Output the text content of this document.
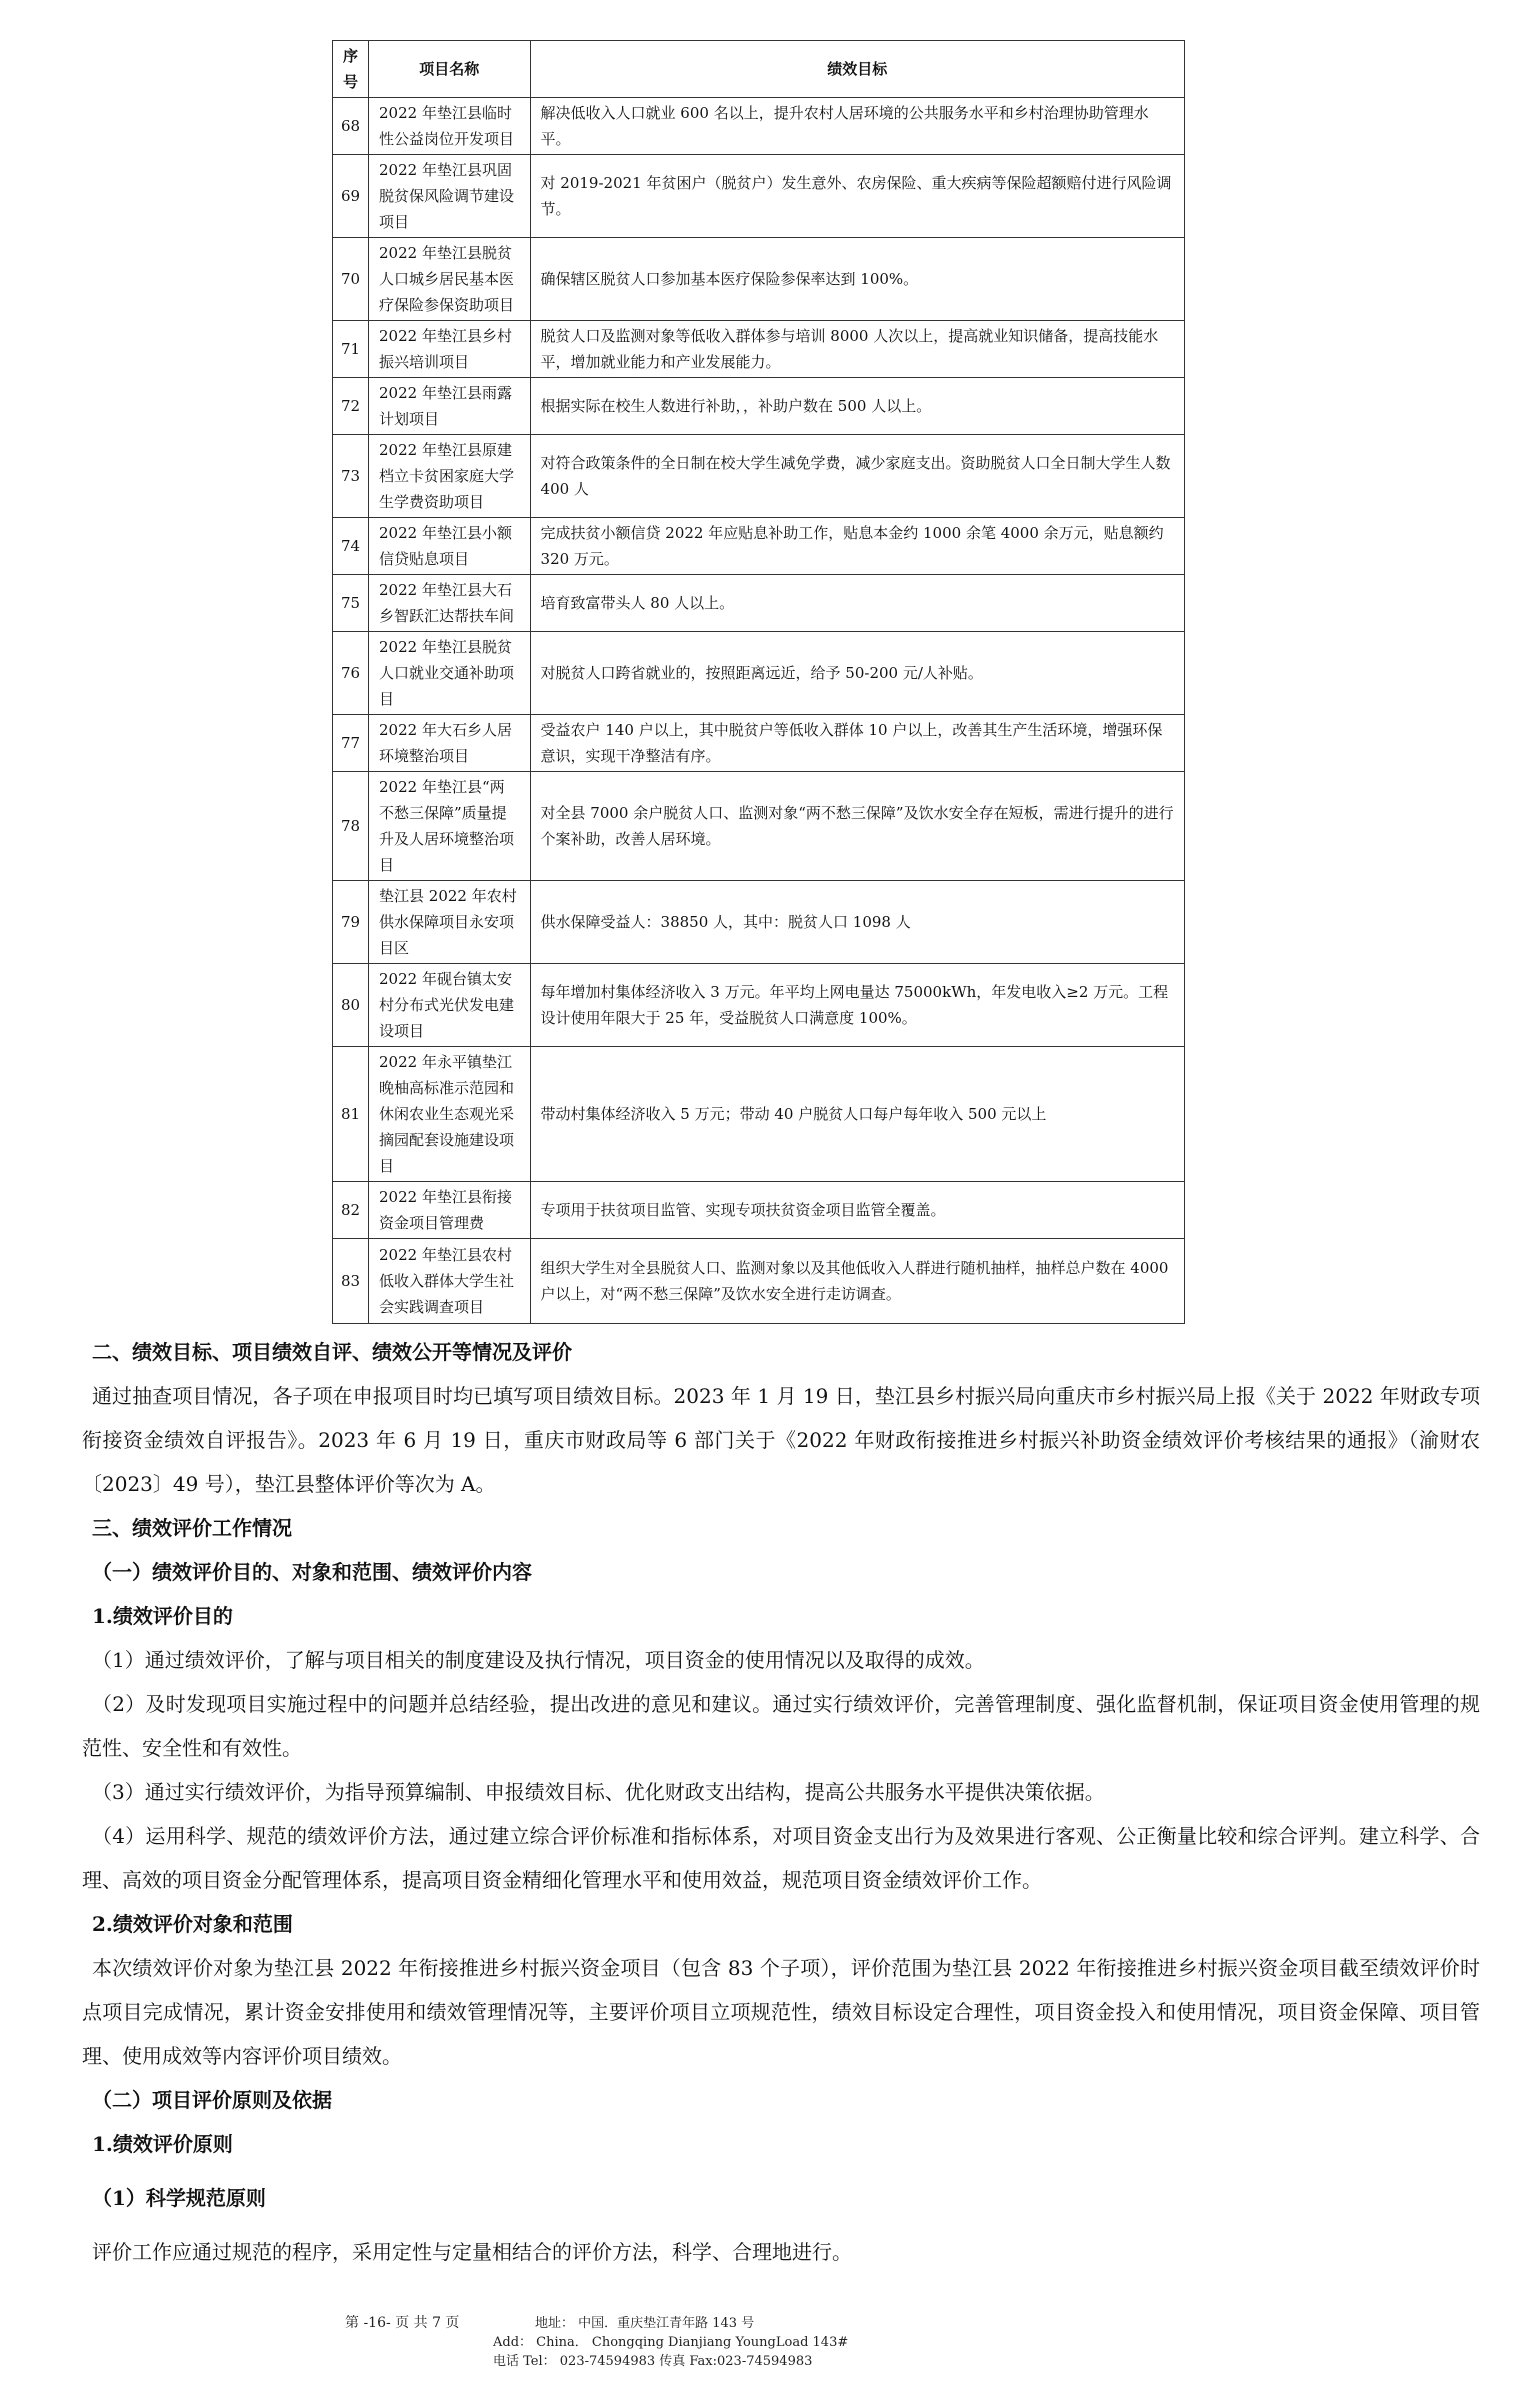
序号	项目名称	绩效目标
68	2022 年垫江县临时性公益岗位开发项目	解决低收入人口就业 600 名以上，提升农村人居环境的公共服务水平和乡村治理协助管理水平。
69	2022 年垫江县巩固脱贫保风险调节建设项目	对 2019-2021 年贫困户（脱贫户）发生意外、农房保险、重大疾病等保险超额赔付进行风险调节。
70	2022 年垫江县脱贫人口城乡居民基本医疗保险参保资助项目	确保辖区脱贫人口参加基本医疗保险参保率达到 100%。
71	2022 年垫江县乡村振兴培训项目	脱贫人口及监测对象等低收入群体参与培训 8000 人次以上，提高就业知识储备，提高技能水平，增加就业能力和产业发展能力。
72	2022 年垫江县雨露计划项目	根据实际在校生人数进行补助，，补助户数在 500 人以上。
73	2022 年垫江县原建档立卡贫困家庭大学生学费资助项目	对符合政策条件的全日制在校大学生减免学费，减少家庭支出。资助脱贫人口全日制大学生人数 400 人
74	2022 年垫江县小额信贷贴息项目	完成扶贫小额信贷 2022 年应贴息补助工作，贴息本金约 1000 余笔 4000 余万元，贴息额约 320 万元。
75	2022 年垫江县大石乡智跃汇达帮扶车间	培育致富带头人 80 人以上。
76	2022 年垫江县脱贫人口就业交通补助项目	对脱贫人口跨省就业的，按照距离远近，给予 50-200 元/人补贴。
77	2022 年大石乡人居环境整治项目	受益农户 140 户以上，其中脱贫户等低收入群体 10 户以上，改善其生产生活环境，增强环保意识，实现干净整洁有序。
78	2022 年垫江县“两不愁三保障”质量提升及人居环境整治项目	对全县 7000 余户脱贫人口、监测对象“两不愁三保障”及饮水安全存在短板，需进行提升的进行个案补助，改善人居环境。
79	垫江县 2022 年农村供水保障项目永安项目区	供水保障受益人：38850 人，其中：脱贫人口 1098 人
80	2022 年砚台镇太安村分布式光伏发电建设项目	每年增加村集体经济收入 3 万元。年平均上网电量达 75000kWh，年发电收入≥2 万元。工程设计使用年限大于 25 年，受益脱贫人口满意度 100%。
81	2022 年永平镇垫江晚柚高标准示范园和休闲农业生态观光采摘园配套设施建设项目	带动村集体经济收入 5 万元；带动 40 户脱贫人口每户每年收入 500 元以上
82	2022 年垫江县衔接资金项目管理费	专项用于扶贫项目监管、实现专项扶贫资金项目监管全覆盖。
83	2022 年垫江县农村低收入群体大学生社会实践调查项目	组织大学生对全县脱贫人口、监测对象以及其他低收入人群进行随机抽样，抽样总户数在 4000 户以上，对“两不愁三保障”及饮水安全进行走访调查。

二、绩效目标、项目绩效自评、绩效公开等情况及评价

通过抽查项目情况，各子项在申报项目时均已填写项目绩效目标。2023 年 1 月 19 日，垫江县乡村振兴局向重庆市乡村振兴局上报《关于 2022 年财政专项衔接资金绩效自评报告》。2023 年 6 月 19 日，重庆市财政局等 6 部门关于《2022 年财政衔接推进乡村振兴补助资金绩效评价考核结果的通报》（渝财农〔2023〕49 号），垫江县整体评价等次为 A。

三、绩效评价工作情况

（一）绩效评价目的、对象和范围、绩效评价内容

1.绩效评价目的

（1）通过绩效评价，了解与项目相关的制度建设及执行情况，项目资金的使用情况以及取得的成效。

（2）及时发现项目实施过程中的问题并总结经验，提出改进的意见和建议。通过实行绩效评价，完善管理制度、强化监督机制，保证项目资金使用管理的规范性、安全性和有效性。

（3）通过实行绩效评价，为指导预算编制、申报绩效目标、优化财政支出结构，提高公共服务水平提供决策依据。

（4）运用科学、规范的绩效评价方法，通过建立综合评价标准和指标体系，对项目资金支出行为及效果进行客观、公正衡量比较和综合评判。建立科学、合理、高效的项目资金分配管理体系，提高项目资金精细化管理水平和使用效益，规范项目资金绩效评价工作。

2.绩效评价对象和范围

本次绩效评价对象为垫江县 2022 年衔接推进乡村振兴资金项目（包含 83 个子项），评价范围为垫江县 2022 年衔接推进乡村振兴资金项目截至绩效评价时点项目完成情况，累计资金安排使用和绩效管理情况等，主要评价项目立项规范性，绩效目标设定合理性，项目资金投入和使用情况，项目资金保障、项目管理、使用成效等内容评价项目绩效。

（二）项目评价原则及依据

1.绩效评价原则

（1）科学规范原则

评价工作应通过规范的程序，采用定性与定量相结合的评价方法，科学、合理地进行。

第 -16- 页 共 7 页	地址： 中国．重庆垫江青年路 143 号
Add： China． Chongqing Dianjiang YoungLoad 143#
电话 Tel： 023-74594983 传真 Fax:023-74594983
